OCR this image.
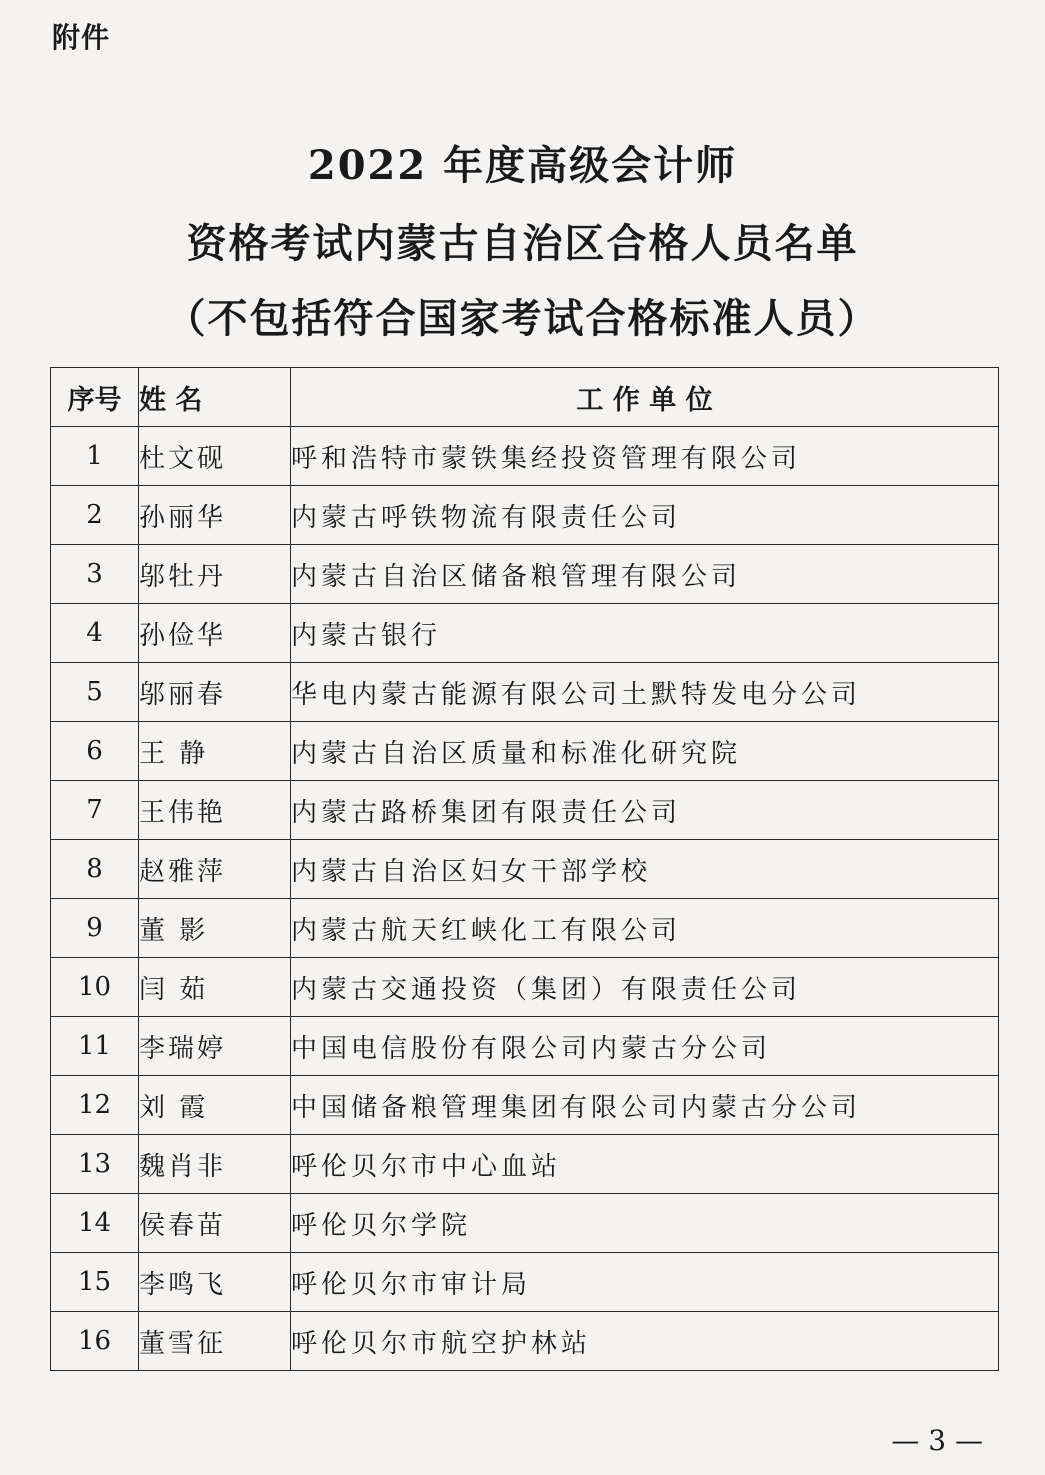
附件
2022 年度高级会计师
资格考试内蒙古自治区合格人员名单
（不包括符合国家考试合格标准人员）
序号	姓 名	工 作 单 位
1	杜文砚	呼和浩特市蒙铁集经投资管理有限公司
2	孙丽华	内蒙古呼铁物流有限责任公司
3	邬牡丹	内蒙古自治区储备粮管理有限公司
4	孙俭华	内蒙古银行
5	邬丽春	华电内蒙古能源有限公司土默特发电分公司
6	王 静	内蒙古自治区质量和标准化研究院
7	王伟艳	内蒙古路桥集团有限责任公司
8	赵雅萍	内蒙古自治区妇女干部学校
9	董 影	内蒙古航天红峡化工有限公司
10	闫 茹	内蒙古交通投资（集团）有限责任公司
11	李瑞婷	中国电信股份有限公司内蒙古分公司
12	刘 霞	中国储备粮管理集团有限公司内蒙古分公司
13	魏肖非	呼伦贝尔市中心血站
14	侯春苗	呼伦贝尔学院
15	李鸣飞	呼伦贝尔市审计局
16	董雪征	呼伦贝尔市航空护林站
— 3 —
